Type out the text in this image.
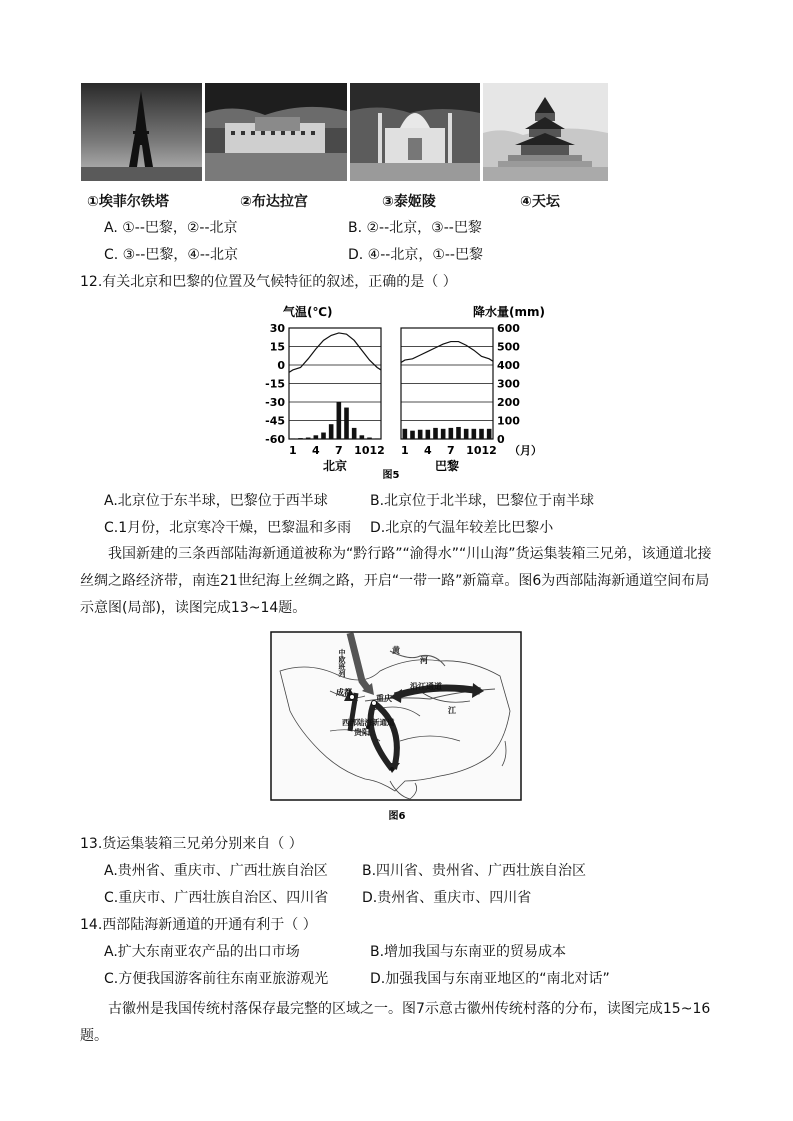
①埃菲尔铁塔	②布达拉宫	③泰姬陵	④天坛
A. ①--巴黎，②--北京	B. ②--北京，③--巴黎
C. ③--巴黎，④--北京	D. ④--北京，①--巴黎
12.有关北京和巴黎的位置及气候特征的叙述，正确的是（ ）
气温(℃)	降水量(mm)
30
15
0
-15
-30
-45
-60
600
500
400
300
200
100
0
1 4 7 10 12 1 4 7 10 12 （月）
北京	巴黎
图5
A.北京位于东半球，巴黎位于西半球	B.北京位于北半球，巴黎位于南半球
C.1月份，北京寒冷干燥，巴黎温和多雨 D.北京的气温年较差比巴黎小
我国新建的三条西部陆海新通道被称为“黔行路”“渝得水”“川山海”货运集装箱三兄弟，该通道北接丝绸之路经济带，南连21世纪海上丝绸之路，开启“一带一路”新篇章。图6为西部陆海新通道空间布局示意图(局部)，读图完成13~14题。
黄
河
沿江通道
江
成都
重庆
贵阳
西部陆海新通道
中欧班列
图6
13.货运集装箱三兄弟分别来自（ ）
A.贵州省、重庆市、广西壮族自治区 B.四川省、贵州省、广西壮族自治区
C.重庆市、广西壮族自治区、四川省 D.贵州省、重庆市、四川省
14.西部陆海新通道的开通有利于（ ）
A.扩大东南亚农产品的出口市场	B.增加我国与东南亚的贸易成本
C.方便我国游客前往东南亚旅游观光	D.加强我国与东南亚地区的“南北对话”
古徽州是我国传统村落保存最完整的区域之一。图7示意古徽州传统村落的分布，读图完成15~16题。
